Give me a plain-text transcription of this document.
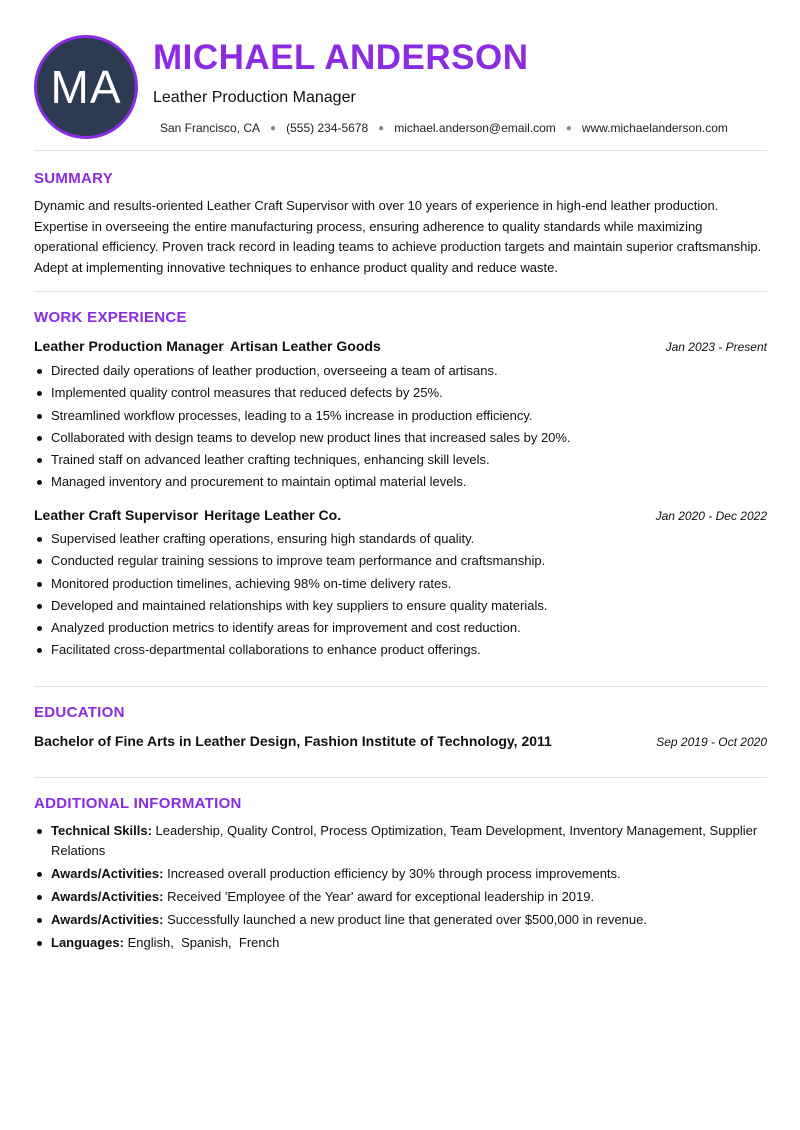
MA
MICHAEL ANDERSON
Leather Production Manager
San Francisco, CA ● (555) 234-5678 ● michael.anderson@email.com ● www.michaelanderson.com
SUMMARY

Dynamic and results-oriented Leather Craft Supervisor with over 10 years of experience in high-end leather production. Expertise in overseeing the entire manufacturing process, ensuring adherence to quality standards while maximizing operational efficiency. Proven track record in leading teams to achieve production targets and maintain superior craftsmanship. Adept at implementing innovative techniques to enhance product quality and reduce waste.

WORK EXPERIENCE
Leather Production Manager Artisan Leather Goods	Jan 2023 - Present
Directed daily operations of leather production, overseeing a team of artisans.
Implemented quality control measures that reduced defects by 25%.
Streamlined workflow processes, leading to a 15% increase in production efficiency.
Collaborated with design teams to develop new product lines that increased sales by 20%.
Trained staff on advanced leather crafting techniques, enhancing skill levels.
Managed inventory and procurement to maintain optimal material levels.
Leather Craft Supervisor Heritage Leather Co.	Jan 2020 - Dec 2022
Supervised leather crafting operations, ensuring high standards of quality.
Conducted regular training sessions to improve team performance and craftsmanship.
Monitored production timelines, achieving 98% on-time delivery rates.
Developed and maintained relationships with key suppliers to ensure quality materials.
Analyzed production metrics to identify areas for improvement and cost reduction.
Facilitated cross-departmental collaborations to enhance product offerings.
EDUCATION
Bachelor of Fine Arts in Leather Design, Fashion Institute of Technology, 2011	Sep 2019 - Oct 2020
ADDITIONAL INFORMATION
Technical Skills: Leadership, Quality Control, Process Optimization, Team Development, Inventory Management, Supplier Relations
Awards/Activities: Increased overall production efficiency by 30% through process improvements.
Awards/Activities: Received 'Employee of the Year' award for exceptional leadership in 2019.
Awards/Activities: Successfully launched a new product line that generated over $500,000 in revenue.
Languages: English,  Spanish,  French
